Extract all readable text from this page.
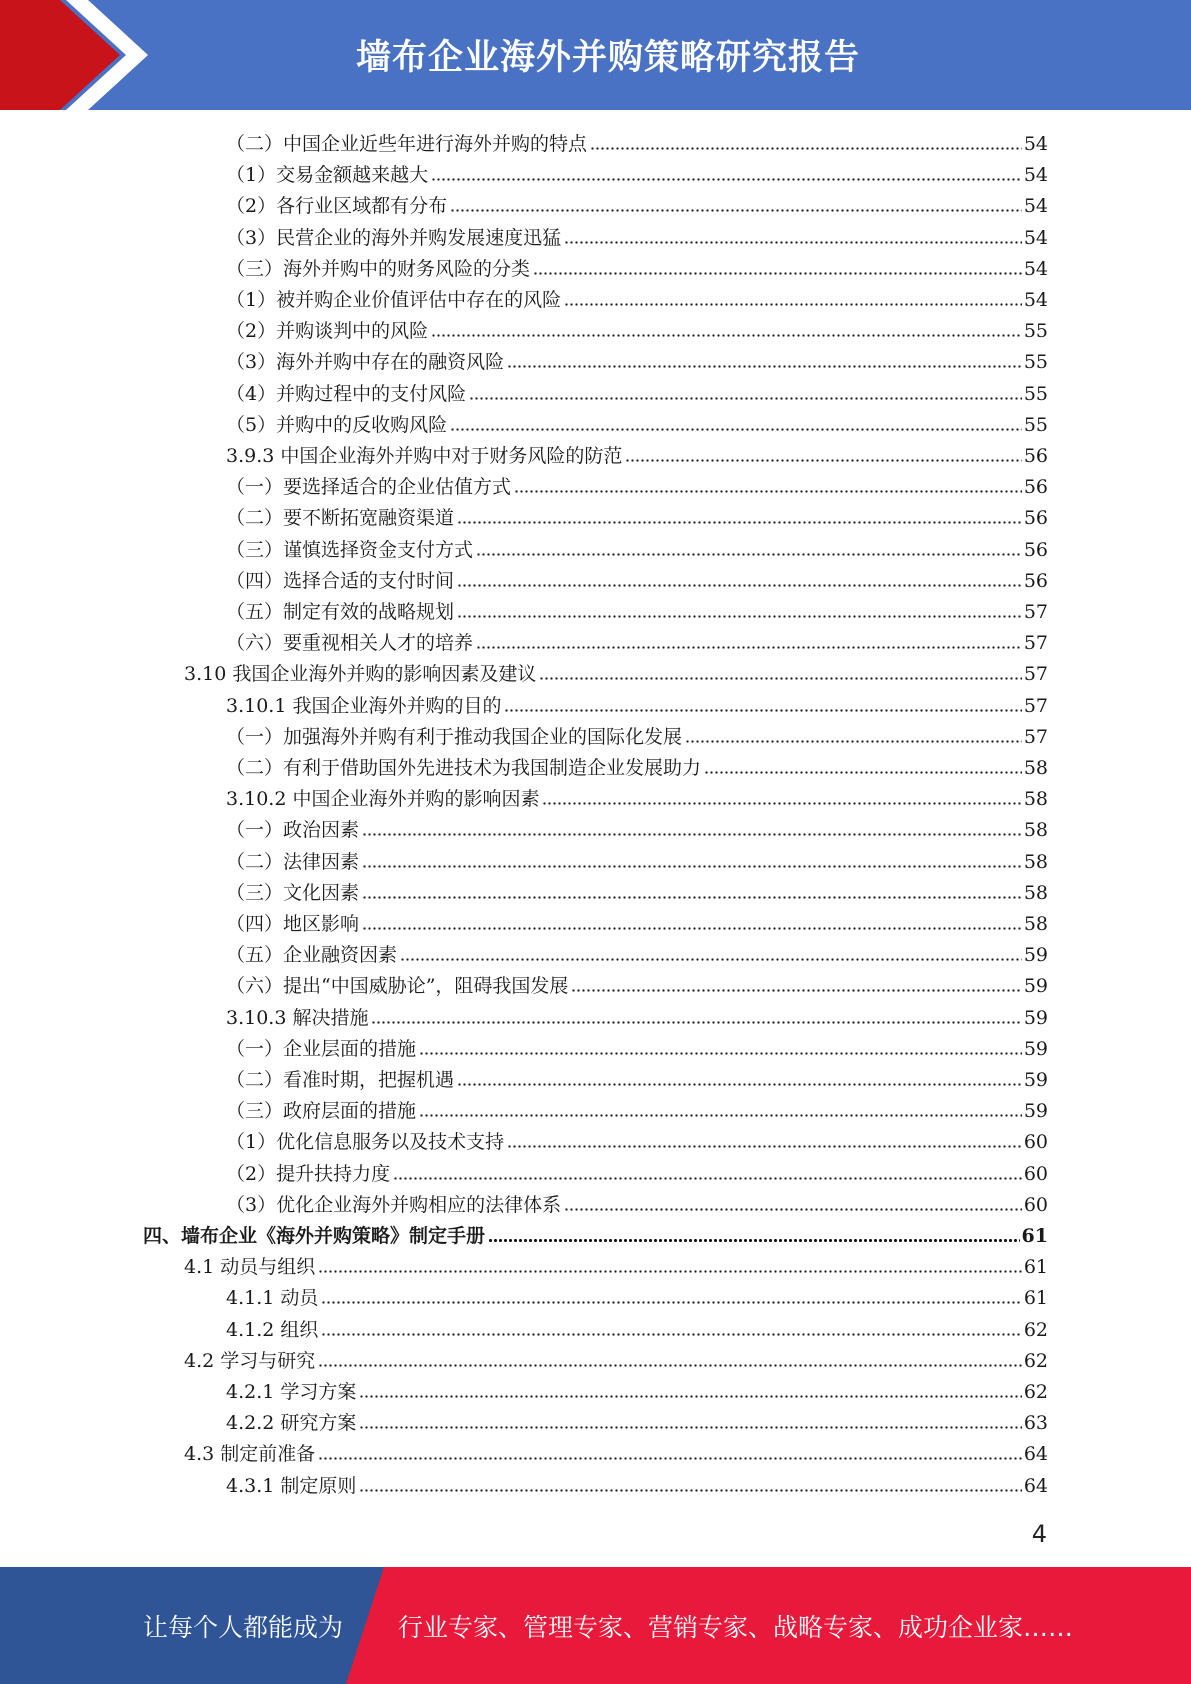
墙布企业海外并购策略研究报告
（二）中国企业近些年进行海外并购的特点	54
（1）交易金额越来越大	54
（2）各行业区域都有分布	54
（3）民营企业的海外并购发展速度迅猛	54
（三）海外并购中的财务风险的分类	54
（1）被并购企业价值评估中存在的风险	54
（2）并购谈判中的风险	55
（3）海外并购中存在的融资风险	55
（4）并购过程中的支付风险	55
（5）并购中的反收购风险	55
3.9.3 中国企业海外并购中对于财务风险的防范	56
（一）要选择适合的企业估值方式	56
（二）要不断拓宽融资渠道	56
（三）谨慎选择资金支付方式	56
（四）选择合适的支付时间	56
（五）制定有效的战略规划	57
（六）要重视相关人才的培养	57
3.10 我国企业海外并购的影响因素及建议	57
3.10.1 我国企业海外并购的目的	57
（一）加强海外并购有利于推动我国企业的国际化发展	57
（二）有利于借助国外先进技术为我国制造企业发展助力	58
3.10.2 中国企业海外并购的影响因素	58
（一）政治因素	58
（二）法律因素	58
（三）文化因素	58
（四）地区影响	58
（五）企业融资因素	59
（六）提出“中国威胁论”，阻碍我国发展	59
3.10.3 解决措施	59
（一）企业层面的措施	59
（二）看准时期，把握机遇	59
（三）政府层面的措施	59
（1）优化信息服务以及技术支持	60
（2）提升扶持力度	60
（3）优化企业海外并购相应的法律体系	60
四、墙布企业《海外并购策略》制定手册	61
4.1 动员与组织	61
4.1.1 动员	61
4.1.2 组织	62
4.2 学习与研究	62
4.2.1 学习方案	62
4.2.2 研究方案	63
4.3 制定前准备	64
4.3.1 制定原则	64
4
让每个人都能成为 行业专家、管理专家、营销专家、战略专家、成功企业家……
